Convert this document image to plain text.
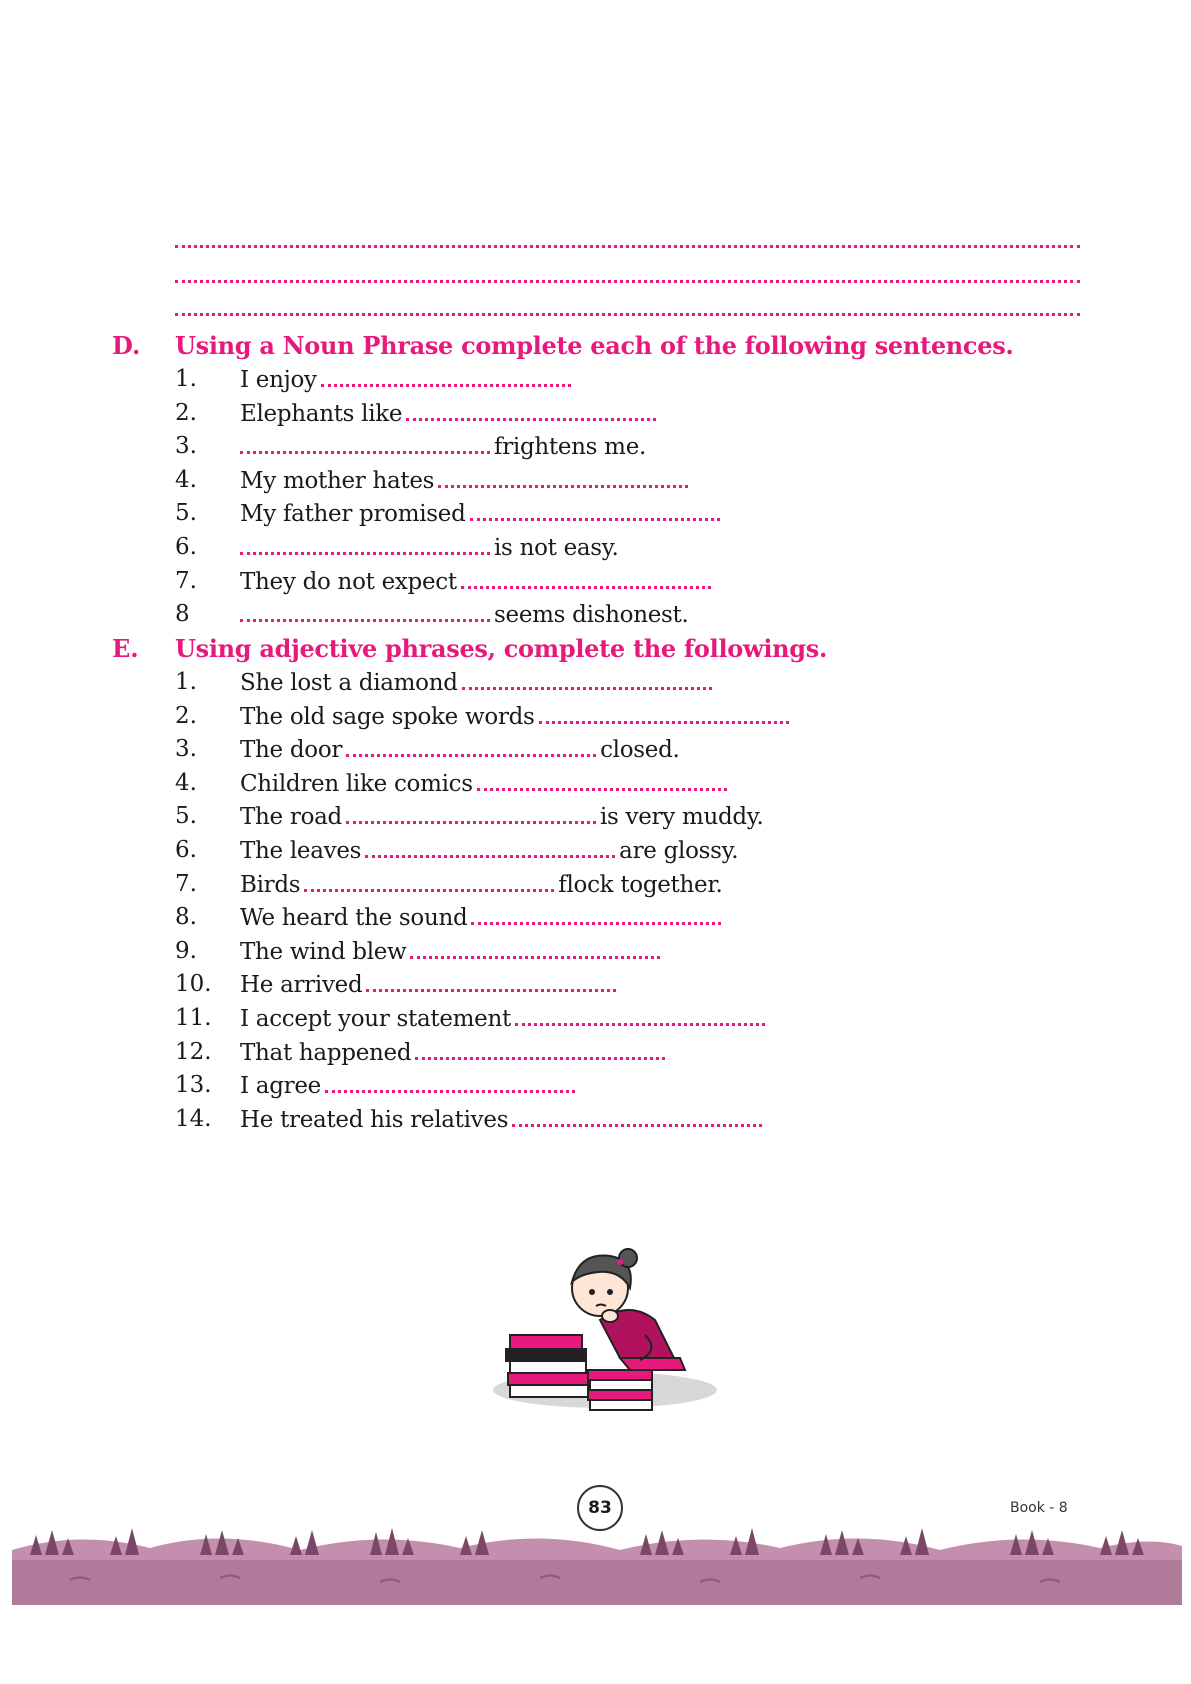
D. Using a Noun Phrase complete each of the following sentences.
1. I enjoy
2. Elephants like
3.	frightens me.
4. My mother hates
5. My father promised
6.	is not easy.
7. They do not expect
8	seems dishonest.
E. Using adjective phrases, complete the followings.
1. She lost a diamond
2. The old sage spoke words
3. The door	closed.
4. Children like comics
5. The road	is very muddy.
6. The leaves	are glossy.
7. Birds	flock together.
8. We heard the sound
9. The wind blew
10. He arrived
11. I accept your statement
12. That happened
13. I agree
14. He treated his relatives
83	Book - 8
